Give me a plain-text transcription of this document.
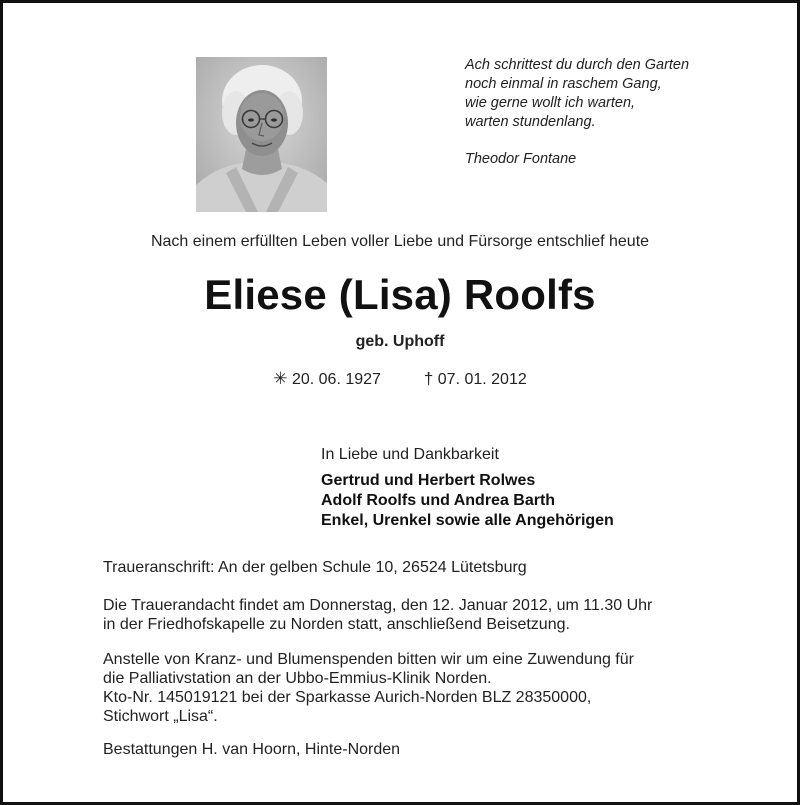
Ach schrittest du durch den Garten
noch einmal in raschem Gang,
wie gerne wollt ich warten,
warten stundenlang.
Theodor Fontane
Nach einem erfüllten Leben voller Liebe und Fürsorge entschlief heute
Eliese (Lisa) Roolfs
geb. Uphoff
✳ 20. 06. 1927	† 07. 01. 2012
In Liebe und Dankbarkeit
Gertrud und Herbert Rolwes
Adolf Roolfs und Andrea Barth
Enkel, Urenkel sowie alle Angehörigen
Traueranschrift: An der gelben Schule 10, 26524 Lütetsburg
Die Trauerandacht findet am Donnerstag, den 12. Januar 2012, um 11.30 Uhr
in der Friedhofskapelle zu Norden statt, anschließend Beisetzung.
Anstelle von Kranz- und Blumenspenden bitten wir um eine Zuwendung für
die Palliativstation an der Ubbo-Emmius-Klinik Norden.
Kto-Nr. 145019121 bei der Sparkasse Aurich-Norden BLZ 28350000,
Stichwort „Lisa“.
Bestattungen H. van Hoorn, Hinte-Norden
